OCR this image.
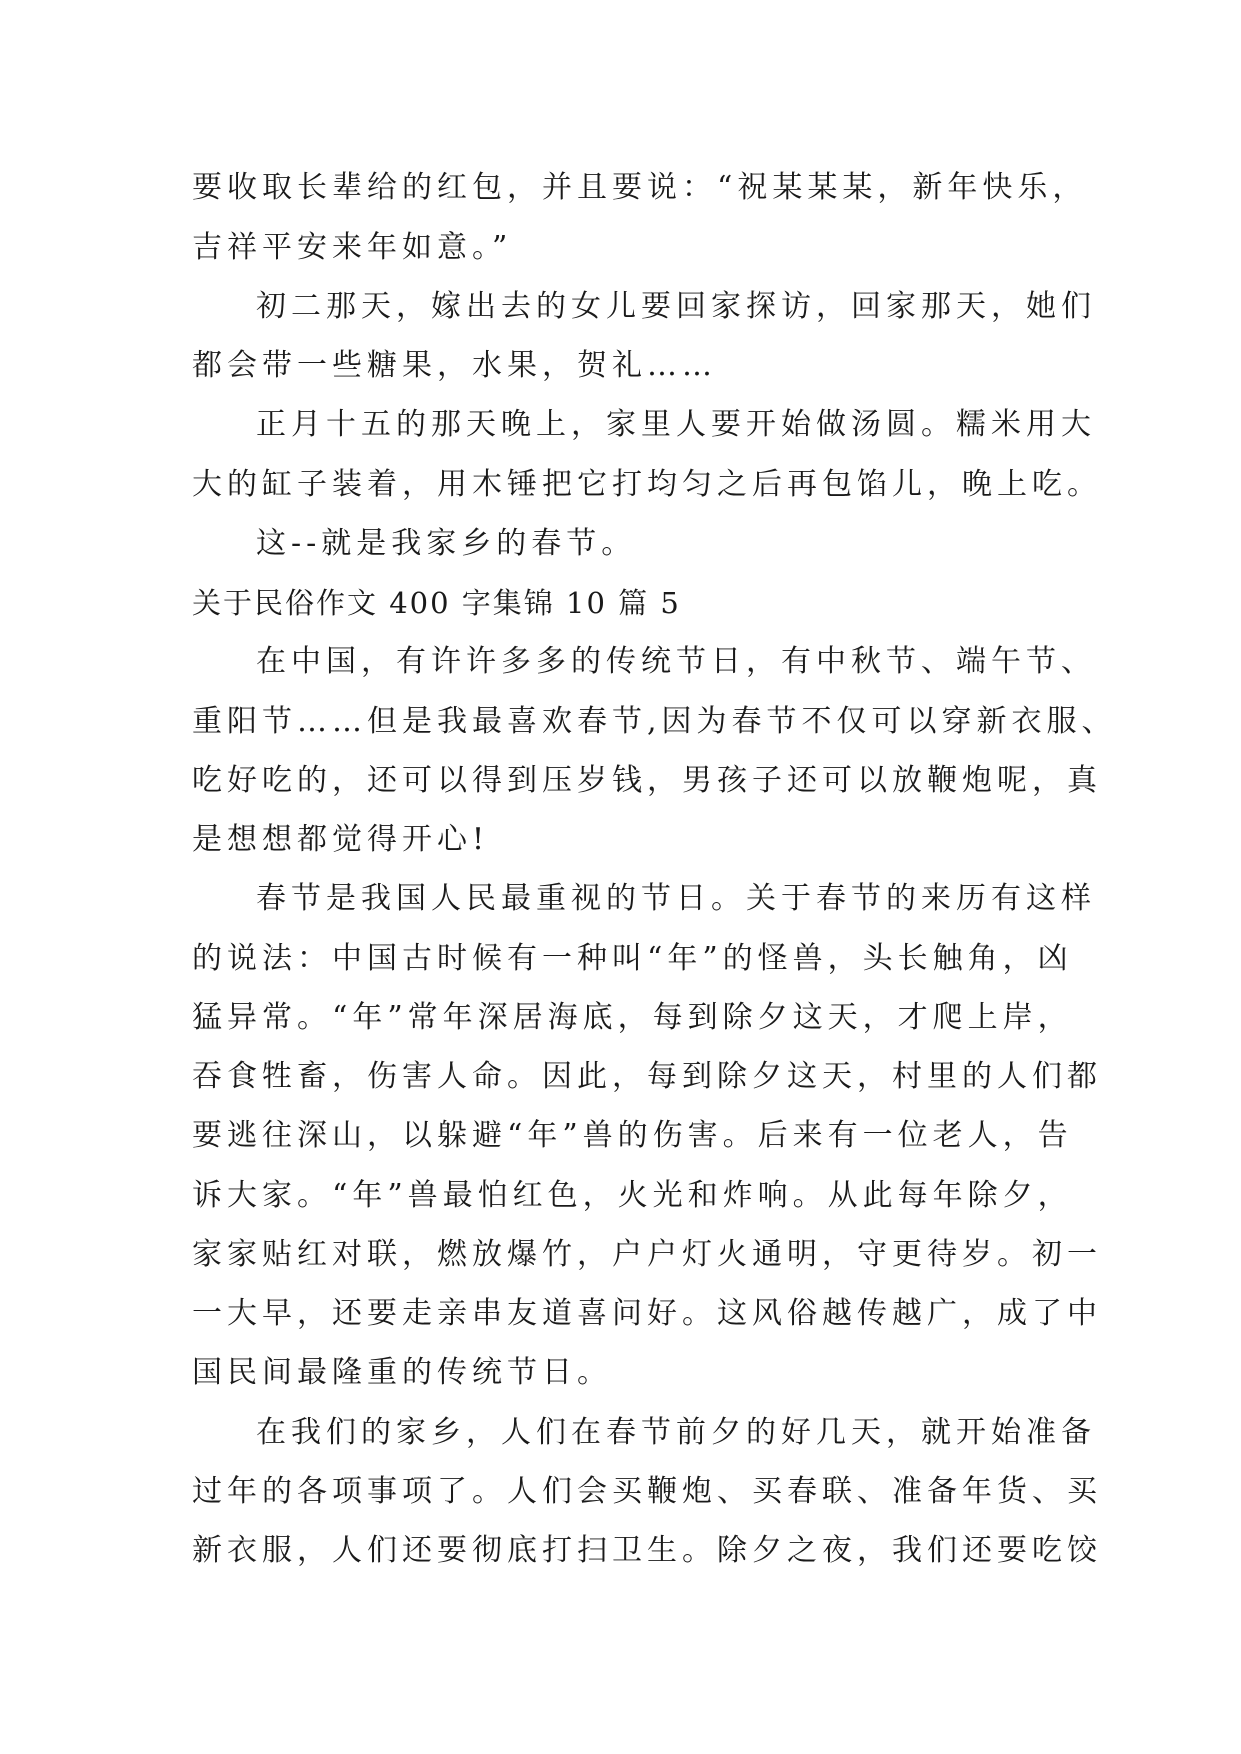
要收取长辈给的红包，并且要说：“祝某某某，新年快乐，
吉祥平安来年如意。”
初二那天，嫁出去的女儿要回家探访，回家那天，她们
都会带一些糖果，水果，贺礼……
正月十五的那天晚上，家里人要开始做汤圆。糯米用大
大的缸子装着，用木锤把它打均匀之后再包馅儿，晚上吃。
这--就是我家乡的春节。
关于民俗作文 400 字集锦 10 篇 5
在中国，有许许多多的传统节日，有中秋节、端午节、
重阳节……但是我最喜欢春节,因为春节不仅可以穿新衣服、
吃好吃的，还可以得到压岁钱，男孩子还可以放鞭炮呢，真
是想想都觉得开心!
春节是我国人民最重视的节日。关于春节的来历有这样
的说法：中国古时候有一种叫“年”的怪兽，头长触角，凶
猛异常。“年”常年深居海底，每到除夕这天，才爬上岸，
吞食牲畜，伤害人命。因此，每到除夕这天，村里的人们都
要逃往深山，以躲避“年”兽的伤害。后来有一位老人，告
诉大家。“年”兽最怕红色，火光和炸响。从此每年除夕，
家家贴红对联，燃放爆竹，户户灯火通明，守更待岁。初一
一大早，还要走亲串友道喜问好。这风俗越传越广，成了中
国民间最隆重的传统节日。
在我们的家乡，人们在春节前夕的好几天，就开始准备
过年的各项事项了。人们会买鞭炮、买春联、准备年货、买
新衣服，人们还要彻底打扫卫生。除夕之夜，我们还要吃饺
